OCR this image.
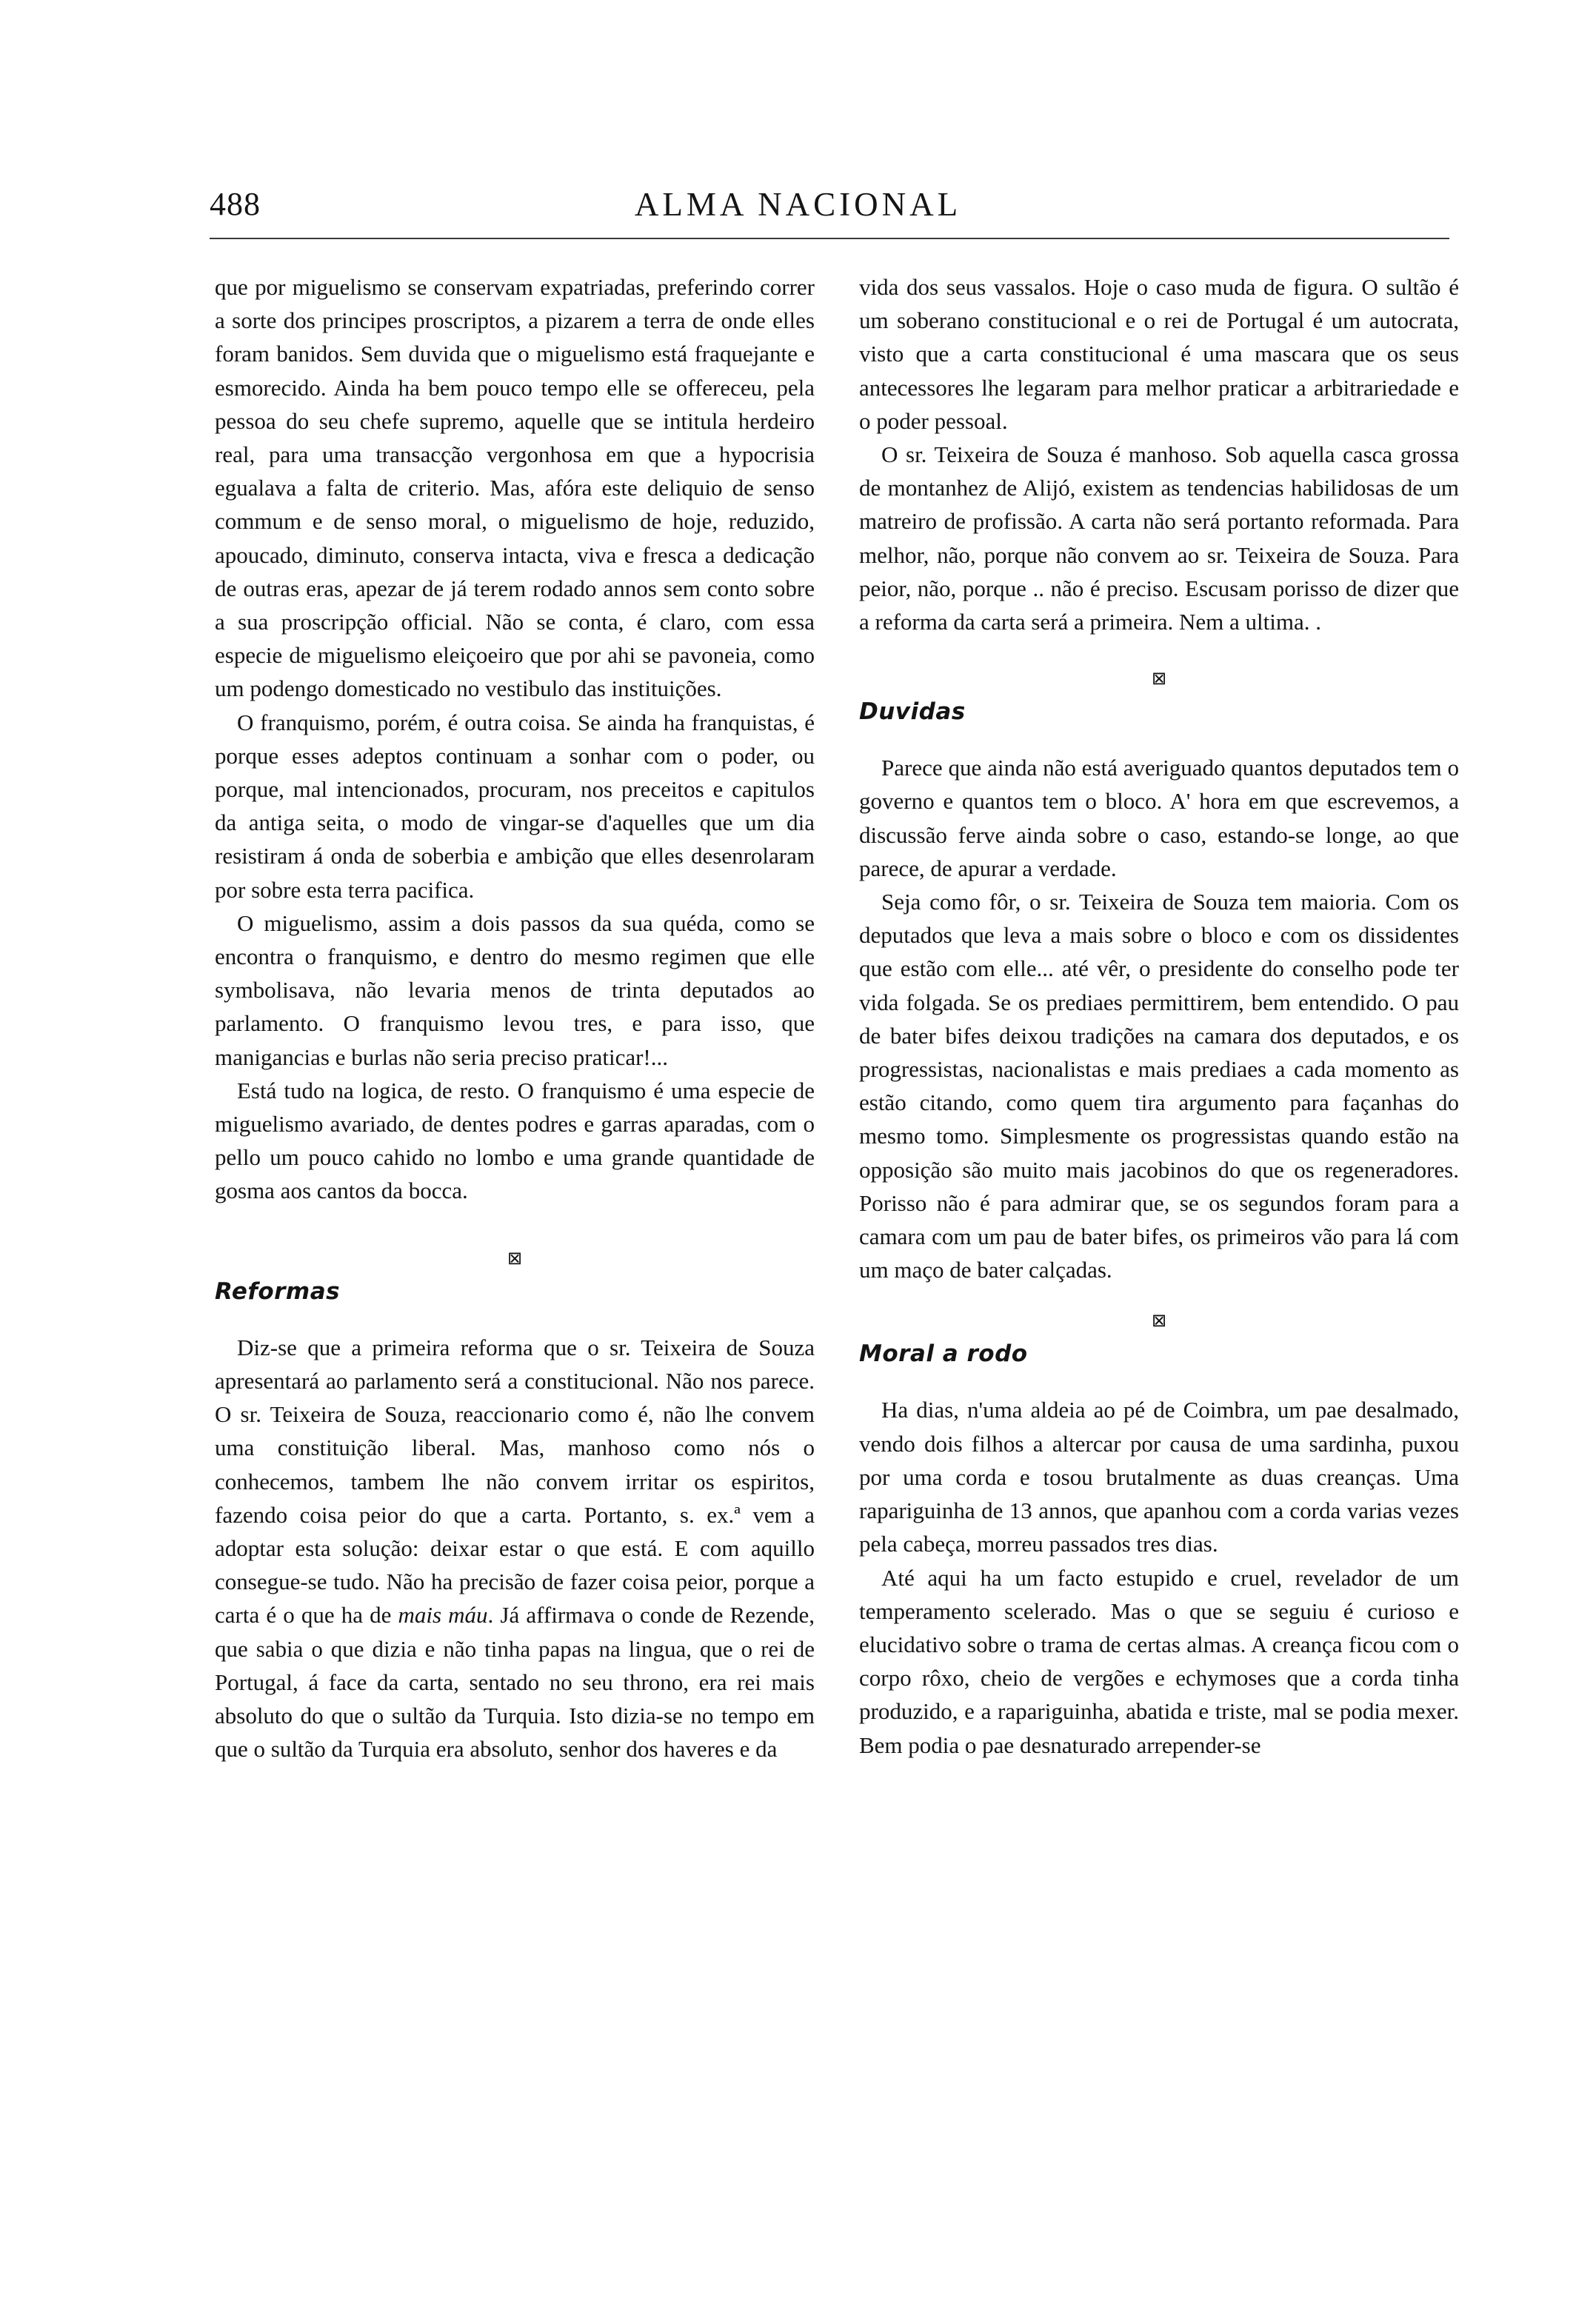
488	ALMA NACIONAL

que por miguelismo se conservam expatriadas, preferindo correr a sorte dos principes proscriptos, a pizarem a terra de onde elles foram banidos. Sem duvida que o miguelismo está fraquejante e esmorecido. Ainda ha bem pouco tempo elle se offereceu, pela pessoa do seu chefe supremo, aquelle que se intitula herdeiro real, para uma transacção vergonhosa em que a hypocrisia egualava a falta de criterio. Mas, afóra este deliquio de senso commum e de senso moral, o miguelismo de hoje, reduzido, apoucado, diminuto, conserva intacta, viva e fresca a dedicação de outras eras, apezar de já terem rodado annos sem conto sobre a sua proscripção official. Não se conta, é claro, com essa especie de miguelismo eleiçoeiro que por ahi se pavoneia, como um podengo domesticado no vestibulo das instituições.

O franquismo, porém, é outra coisa. Se ainda ha franquistas, é porque esses adeptos continuam a sonhar com o poder, ou porque, mal intencionados, procuram, nos preceitos e capitulos da antiga seita, o modo de vingar-se d'aquelles que um dia resistiram á onda de soberbia e ambição que elles desenrolaram por sobre esta terra pacifica.

O miguelismo, assim a dois passos da sua quéda, como se encontra o franquismo, e dentro do mesmo regimen que elle symbolisava, não levaria menos de trinta deputados ao parlamento. O franquismo levou tres, e para isso, que manigancias e burlas não seria preciso praticar!...

Está tudo na logica, de resto. O franquismo é uma especie de miguelismo avariado, de dentes podres e garras aparadas, com o pello um pouco cahido no lombo e uma grande quantidade de gosma aos cantos da bocca.

⊠
Reformas

Diz-se que a primeira reforma que o sr. Teixeira de Souza apresentará ao parlamento será a constitucional. Não nos parece. O sr. Teixeira de Souza, reaccionario como é, não lhe convem uma constituição liberal. Mas, manhoso como nós o conhecemos, tambem lhe não convem irritar os espiritos, fazendo coisa peior do que a carta. Portanto, s. ex.ª vem a adoptar esta solução: deixar estar o que está. E com aquillo consegue-se tudo. Não ha precisão de fazer coisa peior, porque a carta é o que ha de mais máu. Já affirmava o conde de Rezende, que sabia o que dizia e não tinha papas na lingua, que o rei de Portugal, á face da carta, sentado no seu throno, era rei mais absoluto do que o sultão da Turquia. Isto dizia-se no tempo em que o sultão da Turquia era absoluto, senhor dos haveres e da

vida dos seus vassalos. Hoje o caso muda de figura. O sultão é um soberano constitucional e o rei de Portugal é um autocrata, visto que a carta constitucional é uma mascara que os seus antecessores lhe legaram para melhor praticar a arbitrariedade e o poder pessoal.

O sr. Teixeira de Souza é manhoso. Sob aquella casca grossa de montanhez de Alijó, existem as tendencias habilidosas de um matreiro de profissão. A carta não será portanto reformada. Para melhor, não, porque não convem ao sr. Teixeira de Souza. Para peior, não, porque .. não é preciso. Escusam porisso de dizer que a reforma da carta será a primeira. Nem a ultima. .

⊠
Duvidas

Parece que ainda não está averiguado quantos deputados tem o governo e quantos tem o bloco. A' hora em que escrevemos, a discussão ferve ainda sobre o caso, estando-se longe, ao que parece, de apurar a verdade.

Seja como fôr, o sr. Teixeira de Souza tem maioria. Com os deputados que leva a mais sobre o bloco e com os dissidentes que estão com elle... até vêr, o presidente do conselho pode ter vida folgada. Se os prediaes permittirem, bem entendido. O pau de bater bifes deixou tradições na camara dos deputados, e os progressistas, nacionalistas e mais prediaes a cada momento as estão citando, como quem tira argumento para façanhas do mesmo tomo. Simplesmente os progressistas quando estão na opposição são muito mais jacobinos do que os regeneradores. Porisso não é para admirar que, se os segundos foram para a camara com um pau de bater bifes, os primeiros vão para lá com um maço de bater calçadas.

⊠
Moral a rodo

Ha dias, n'uma aldeia ao pé de Coimbra, um pae desalmado, vendo dois filhos a altercar por causa de uma sardinha, puxou por uma corda e tosou brutalmente as duas creanças. Uma rapariguinha de 13 annos, que apanhou com a corda varias vezes pela cabeça, morreu passados tres dias.

Até aqui ha um facto estupido e cruel, revelador de um temperamento scelerado. Mas o que se seguiu é curioso e elucidativo sobre o trama de certas almas. A creança ficou com o corpo rôxo, cheio de vergões e echymoses que a corda tinha produzido, e a rapariguinha, abatida e triste, mal se podia mexer. Bem podia o pae desnaturado arrepender-se
